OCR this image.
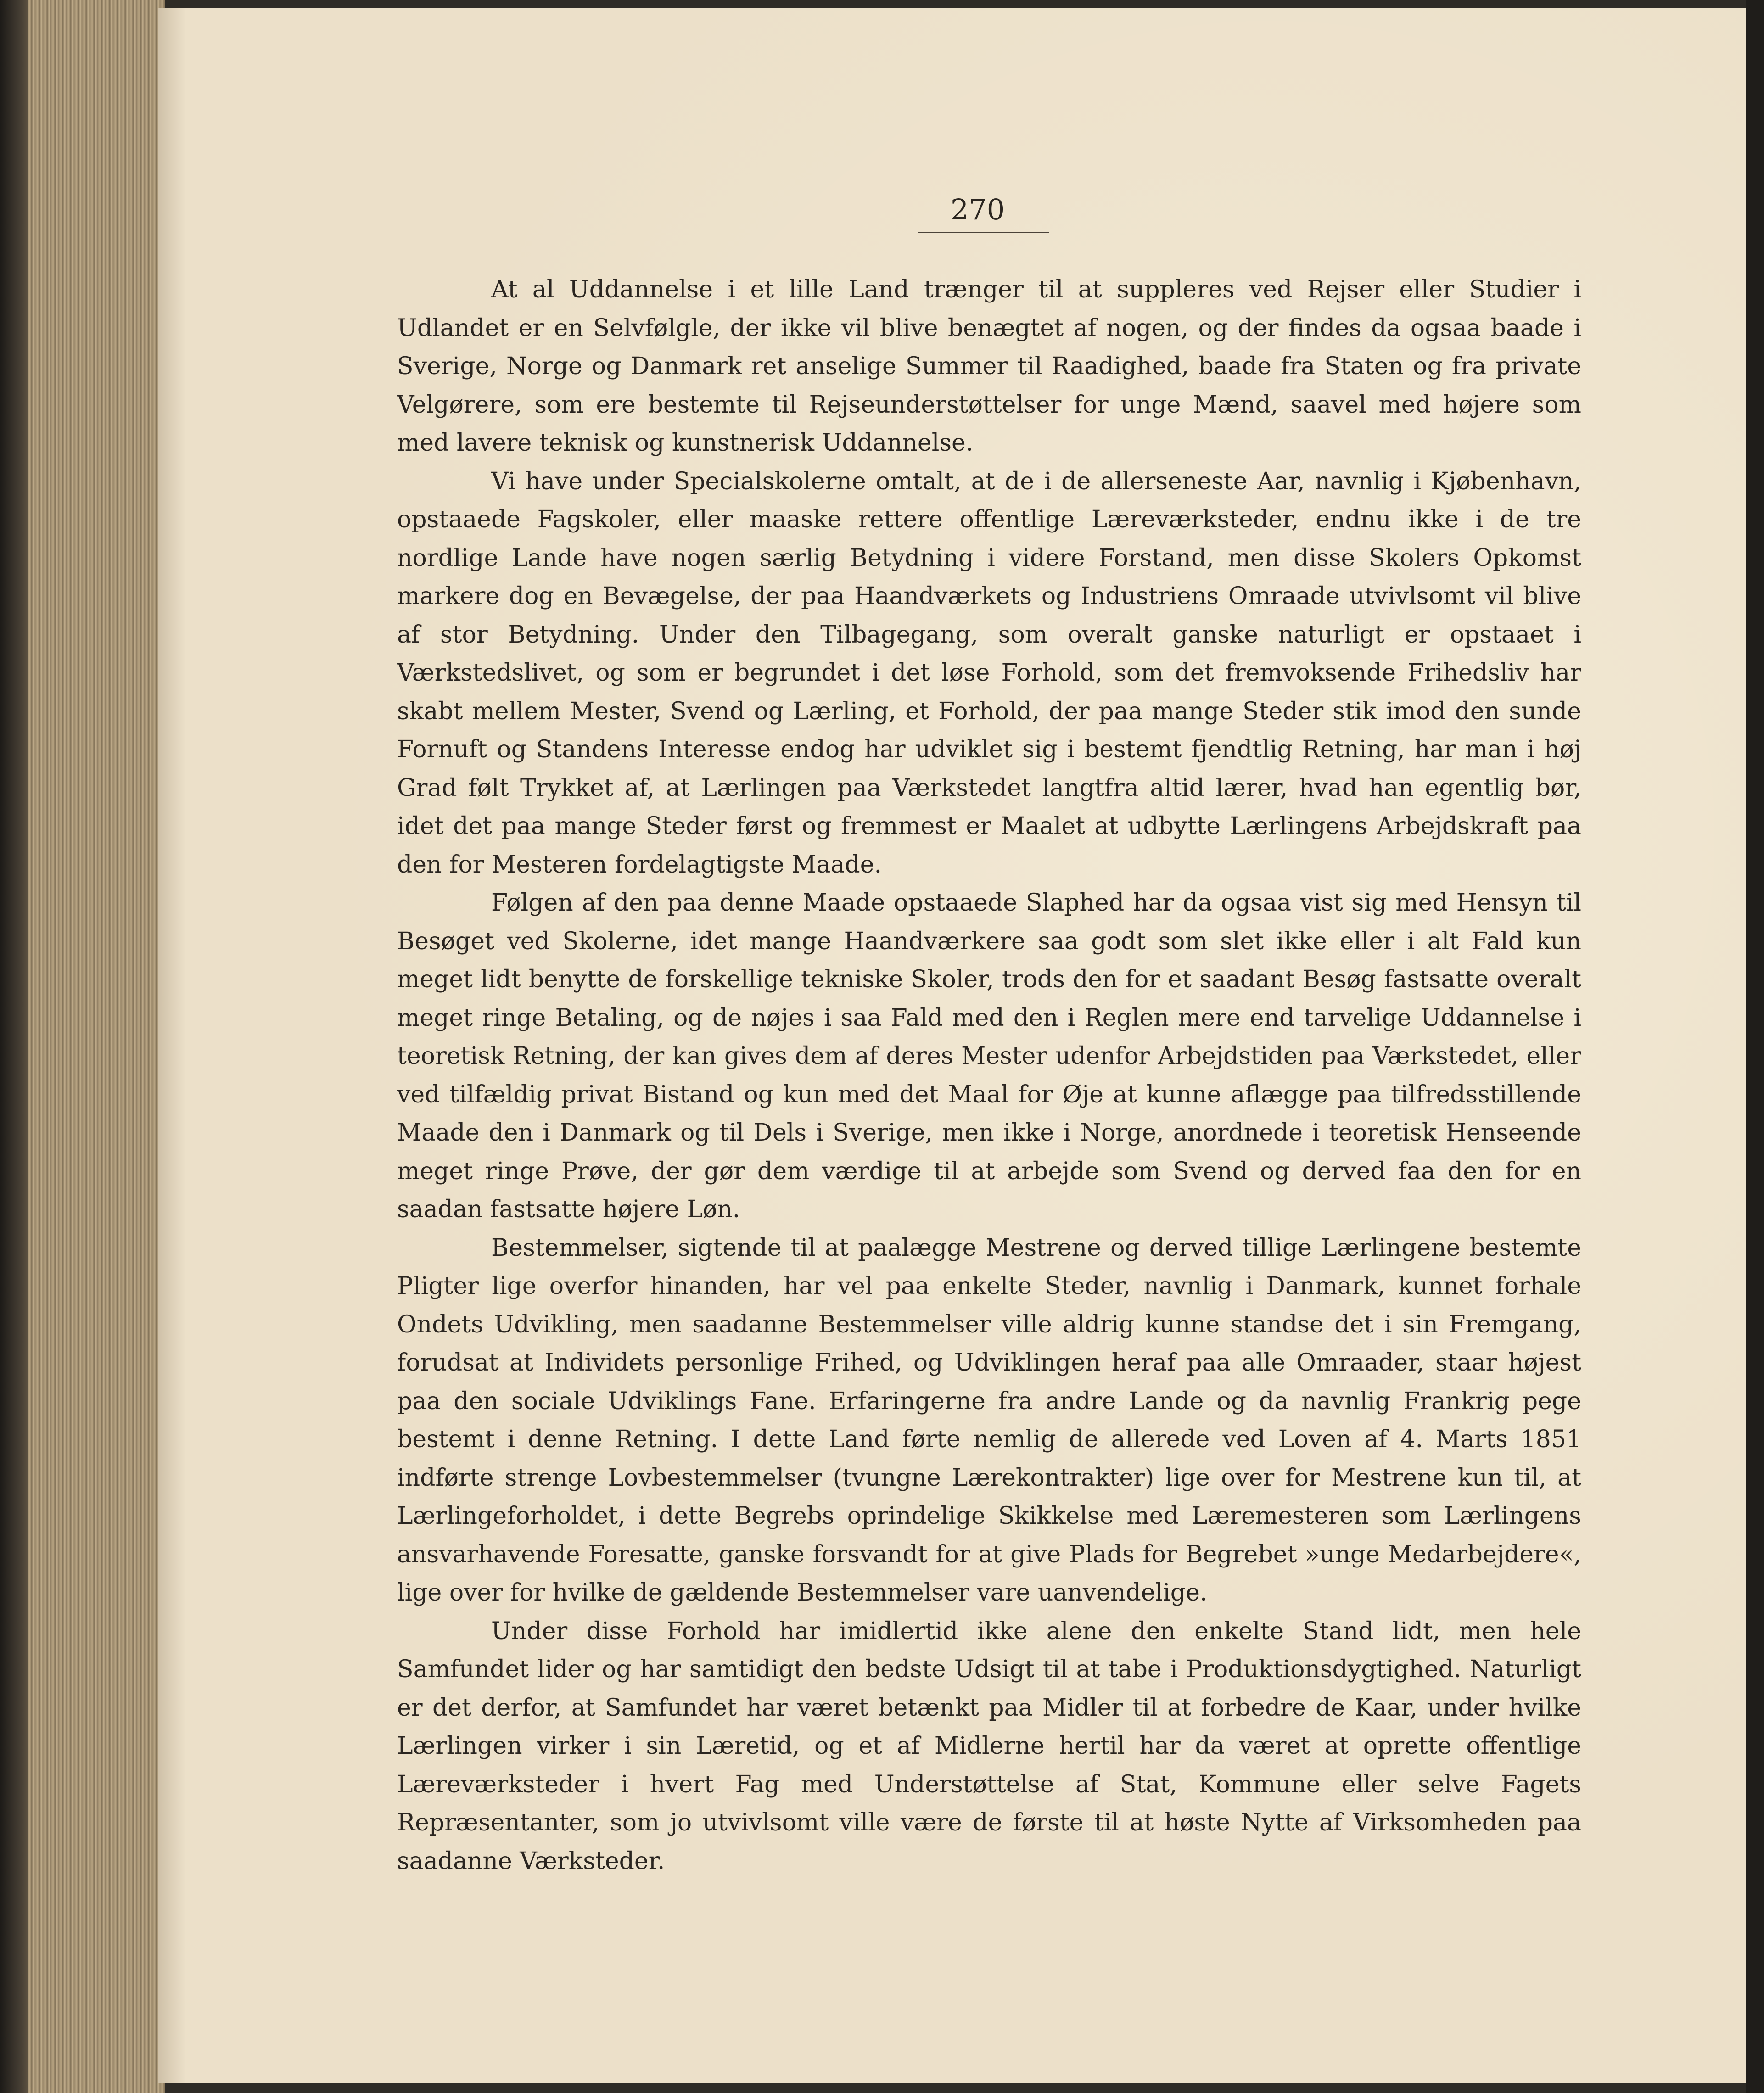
270

At al Uddannelse i et lille Land trænger til at suppleres ved Rejser eller Studier i Udlandet er en Selvfølgle, der ikke vil blive benægtet af nogen, og der findes da ogsaa baade i Sverige, Norge og Danmark ret anselige Summer til Raadighed, baade fra Staten og fra private Velgørere, som ere bestemte til Rejseunderstøttelser for unge Mænd, saavel med højere som med lavere teknisk og kunstnerisk Uddannelse.

Vi have under Specialskolerne omtalt, at de i de allerseneste Aar, navnlig i Kjøbenhavn, opstaaede Fagskoler, eller maaske rettere offentlige Læreværksteder, endnu ikke i de tre nordlige Lande have nogen særlig Betydning i videre Forstand, men disse Skolers Opkomst markere dog en Bevægelse, der paa Haandværkets og Industriens Omraade utvivlsomt vil blive af stor Betydning. Under den Tilbagegang, som overalt ganske naturligt er opstaaet i Værkstedslivet, og som er begrundet i det løse Forhold, som det fremvoksende Frihedsliv har skabt mellem Mester, Svend og Lærling, et Forhold, der paa mange Steder stik imod den sunde Fornuft og Standens Interesse endog har udviklet sig i bestemt fjendtlig Retning, har man i høj Grad følt Trykket af, at Lærlingen paa Værkstedet langtfra altid lærer, hvad han egentlig bør, idet det paa mange Steder først og fremmest er Maalet at udbytte Lærlingens Arbejdskraft paa den for Mesteren fordelagtigste Maade.

Følgen af den paa denne Maade opstaaede Slaphed har da ogsaa vist sig med Hensyn til Besøget ved Skolerne, idet mange Haandværkere saa godt som slet ikke eller i alt Fald kun meget lidt benytte de forskellige tekniske Skoler, trods den for et saadant Besøg fastsatte overalt meget ringe Betaling, og de nøjes i saa Fald med den i Reglen mere end tarvelige Uddannelse i teoretisk Retning, der kan gives dem af deres Mester udenfor Arbejdstiden paa Værkstedet, eller ved tilfældig privat Bistand og kun med det Maal for Øje at kunne aflægge paa tilfredsstillende Maade den i Danmark og til Dels i Sverige, men ikke i Norge, anordnede i teoretisk Henseende meget ringe Prøve, der gør dem værdige til at arbejde som Svend og derved faa den for en saadan fastsatte højere Løn.

Bestemmelser, sigtende til at paalægge Mestrene og derved tillige Lærlingene bestemte Pligter lige overfor hinanden, har vel paa enkelte Steder, navnlig i Danmark, kunnet forhale Ondets Udvikling, men saadanne Bestemmelser ville aldrig kunne standse det i sin Fremgang, forudsat at Individets personlige Frihed, og Udviklingen heraf paa alle Omraader, staar højest paa den sociale Udviklings Fane. Erfaringerne fra andre Lande og da navnlig Frankrig pege bestemt i denne Retning. I dette Land førte nemlig de allerede ved Loven af 4. Marts 1851 indførte strenge Lovbestemmelser (tvungne Lærekontrakter) lige over for Mestrene kun til, at Lærlingeforholdet, i dette Begrebs oprindelige Skikkelse med Læremesteren som Lærlingens ansvarhavende Foresatte, ganske forsvandt for at give Plads for Begrebet »unge Medarbejdere«, lige over for hvilke de gældende Bestemmelser vare uanvendelige.

Under disse Forhold har imidlertid ikke alene den enkelte Stand lidt, men hele Samfundet lider og har samtidigt den bedste Udsigt til at tabe i Produktionsdygtighed. Naturligt er det derfor, at Samfundet har været betænkt paa Midler til at forbedre de Kaar, under hvilke Lærlingen virker i sin Læretid, og et af Midlerne hertil har da været at oprette offentlige Læreværksteder i hvert Fag med Understøttelse af Stat, Kommune eller selve Fagets Repræsentanter, som jo utvivlsomt ville være de første til at høste Nytte af Virksomheden paa saadanne Værksteder.
